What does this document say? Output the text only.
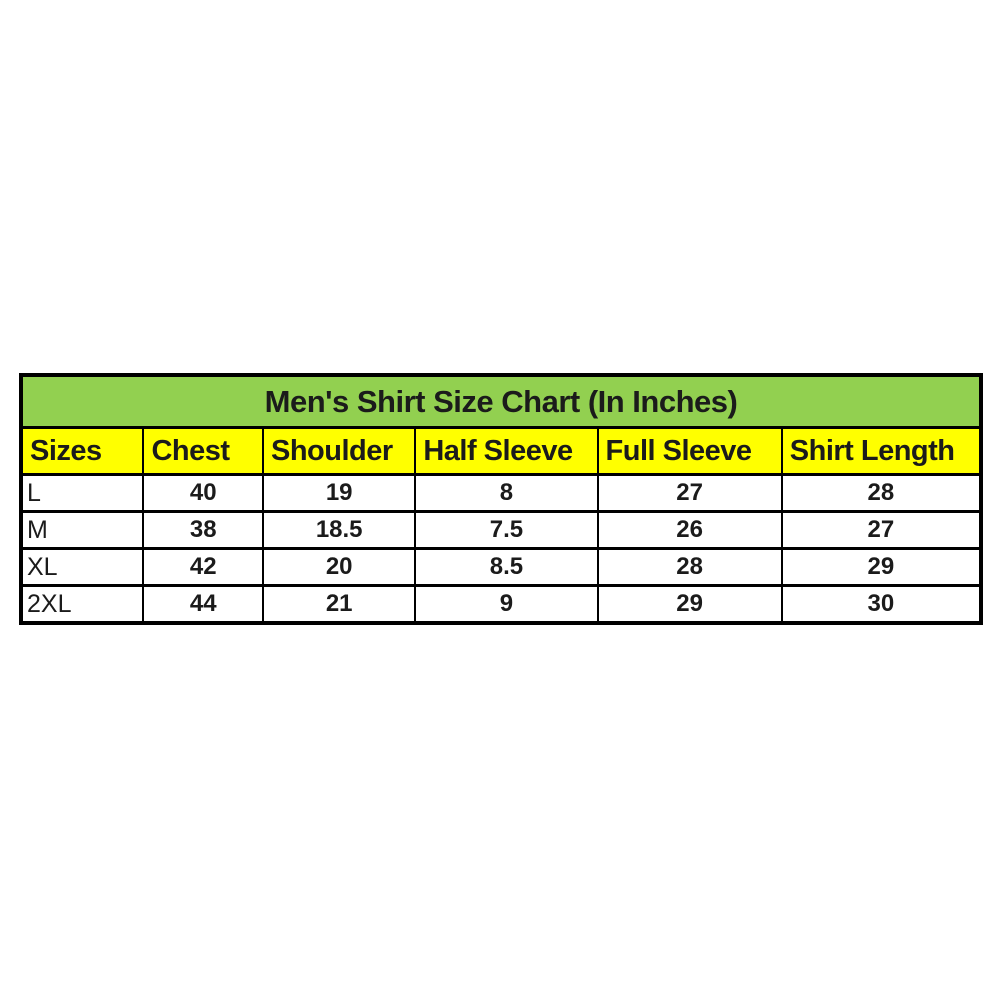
Men's Shirt Size Chart (In Inches)					
Sizes	Chest	Shoulder	Half Sleeve	Full Sleeve	Shirt Length
L	40	19	8	27	28
M	38	18.5	7.5	26	27
XL	42	20	8.5	28	29
2XL	44	21	9	29	30
